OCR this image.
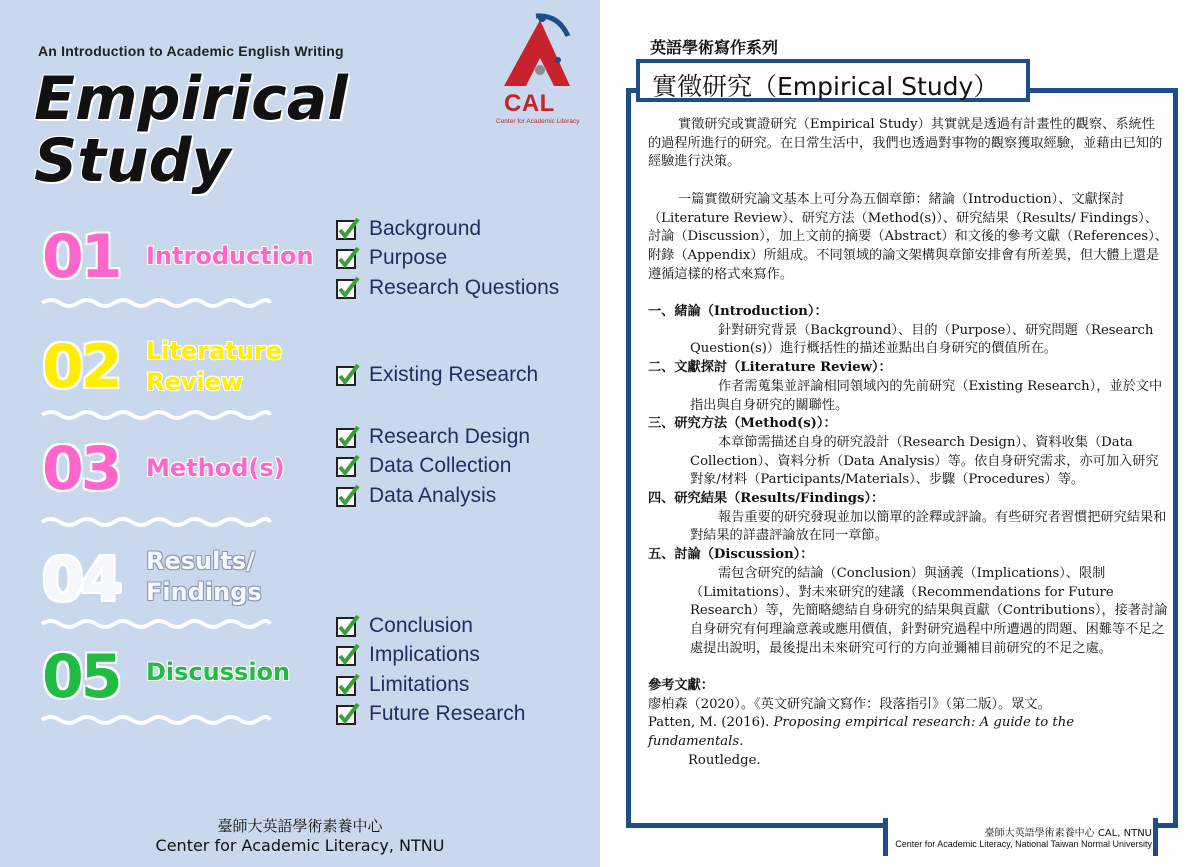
An Introduction to Academic English Writing
Empirical
Study
CAL
Center for Academic Literacy
01 Introduction
Background
Purpose
Research Questions
02 Literature
Review	Existing Research
03 Method(s)
Research Design
Data Collection
Data Analysis
04 Results/
Findings
05 Discussion
Conclusion
Implications
Limitations
Future Research
臺師大英語學術素養中心
Center for Academic Literacy, NTNU
英語學術寫作系列
實徵研究（Empirical Study）

實徵研究或實證研究（Empirical Study）其實就是透過有計畫性的觀察、系統性的過程所進行的研究。在日常生活中，我們也透過對事物的觀察獲取經驗，並藉由已知的經驗進行決策。

一篇實徵研究論文基本上可分為五個章節：緒論（Introduction）、文獻探討（Literature Review）、研究方法（Method(s)）、研究結果（Results/ Findings）、討論（Discussion），加上文前的摘要（Abstract）和文後的參考文獻（References）、附錄（Appendix）所組成。不同領域的論文架構與章節安排會有所差異，但大體上還是遵循這樣的格式來寫作。

一、緒論（Introduction）：

針對研究背景（Background）、目的（Purpose）、研究問題（Research Question(s)）進行概括性的描述並點出自身研究的價值所在。

二、文獻探討（Literature Review）：

作者需蒐集並評論相同領域內的先前研究（Existing Research），並於文中指出與自身研究的關聯性。

三、研究方法（Method(s)）：

本章節需描述自身的研究設計（Research Design）、資料收集（Data Collection）、資料分析（Data Analysis）等。依自身研究需求，亦可加入研究對象/材料（Participants/Materials）、步驟（Procedures）等。

四、研究結果（Results/Findings）：

報告重要的研究發現並加以簡單的詮釋或評論。有些研究者習慣把研究結果和對結果的詳盡評論放在同一章節。

五、討論（Discussion）：

需包含研究的結論（Conclusion）與涵義（Implications）、限制（Limitations）、對未來研究的建議（Recommendations for Future Research）等，先簡略總結自身研究的結果與貢獻（Contributions），接著討論自身研究有何理論意義或應用價值，針對研究過程中所遭遇的問題、困難等不足之處提出說明，最後提出未來研究可行的方向並彌補目前研究的不足之處。

參考文獻：

廖柏森（2020）。《英文研究論文寫作：段落指引》（第二版）。眾文。

Patten, M. (2016). Proposing empirical research: A guide to the fundamentals.

Routledge.

臺師大英語學術素養中心 CAL, NTNU
Center for Academic Literacy, National Taiwan Normal University
